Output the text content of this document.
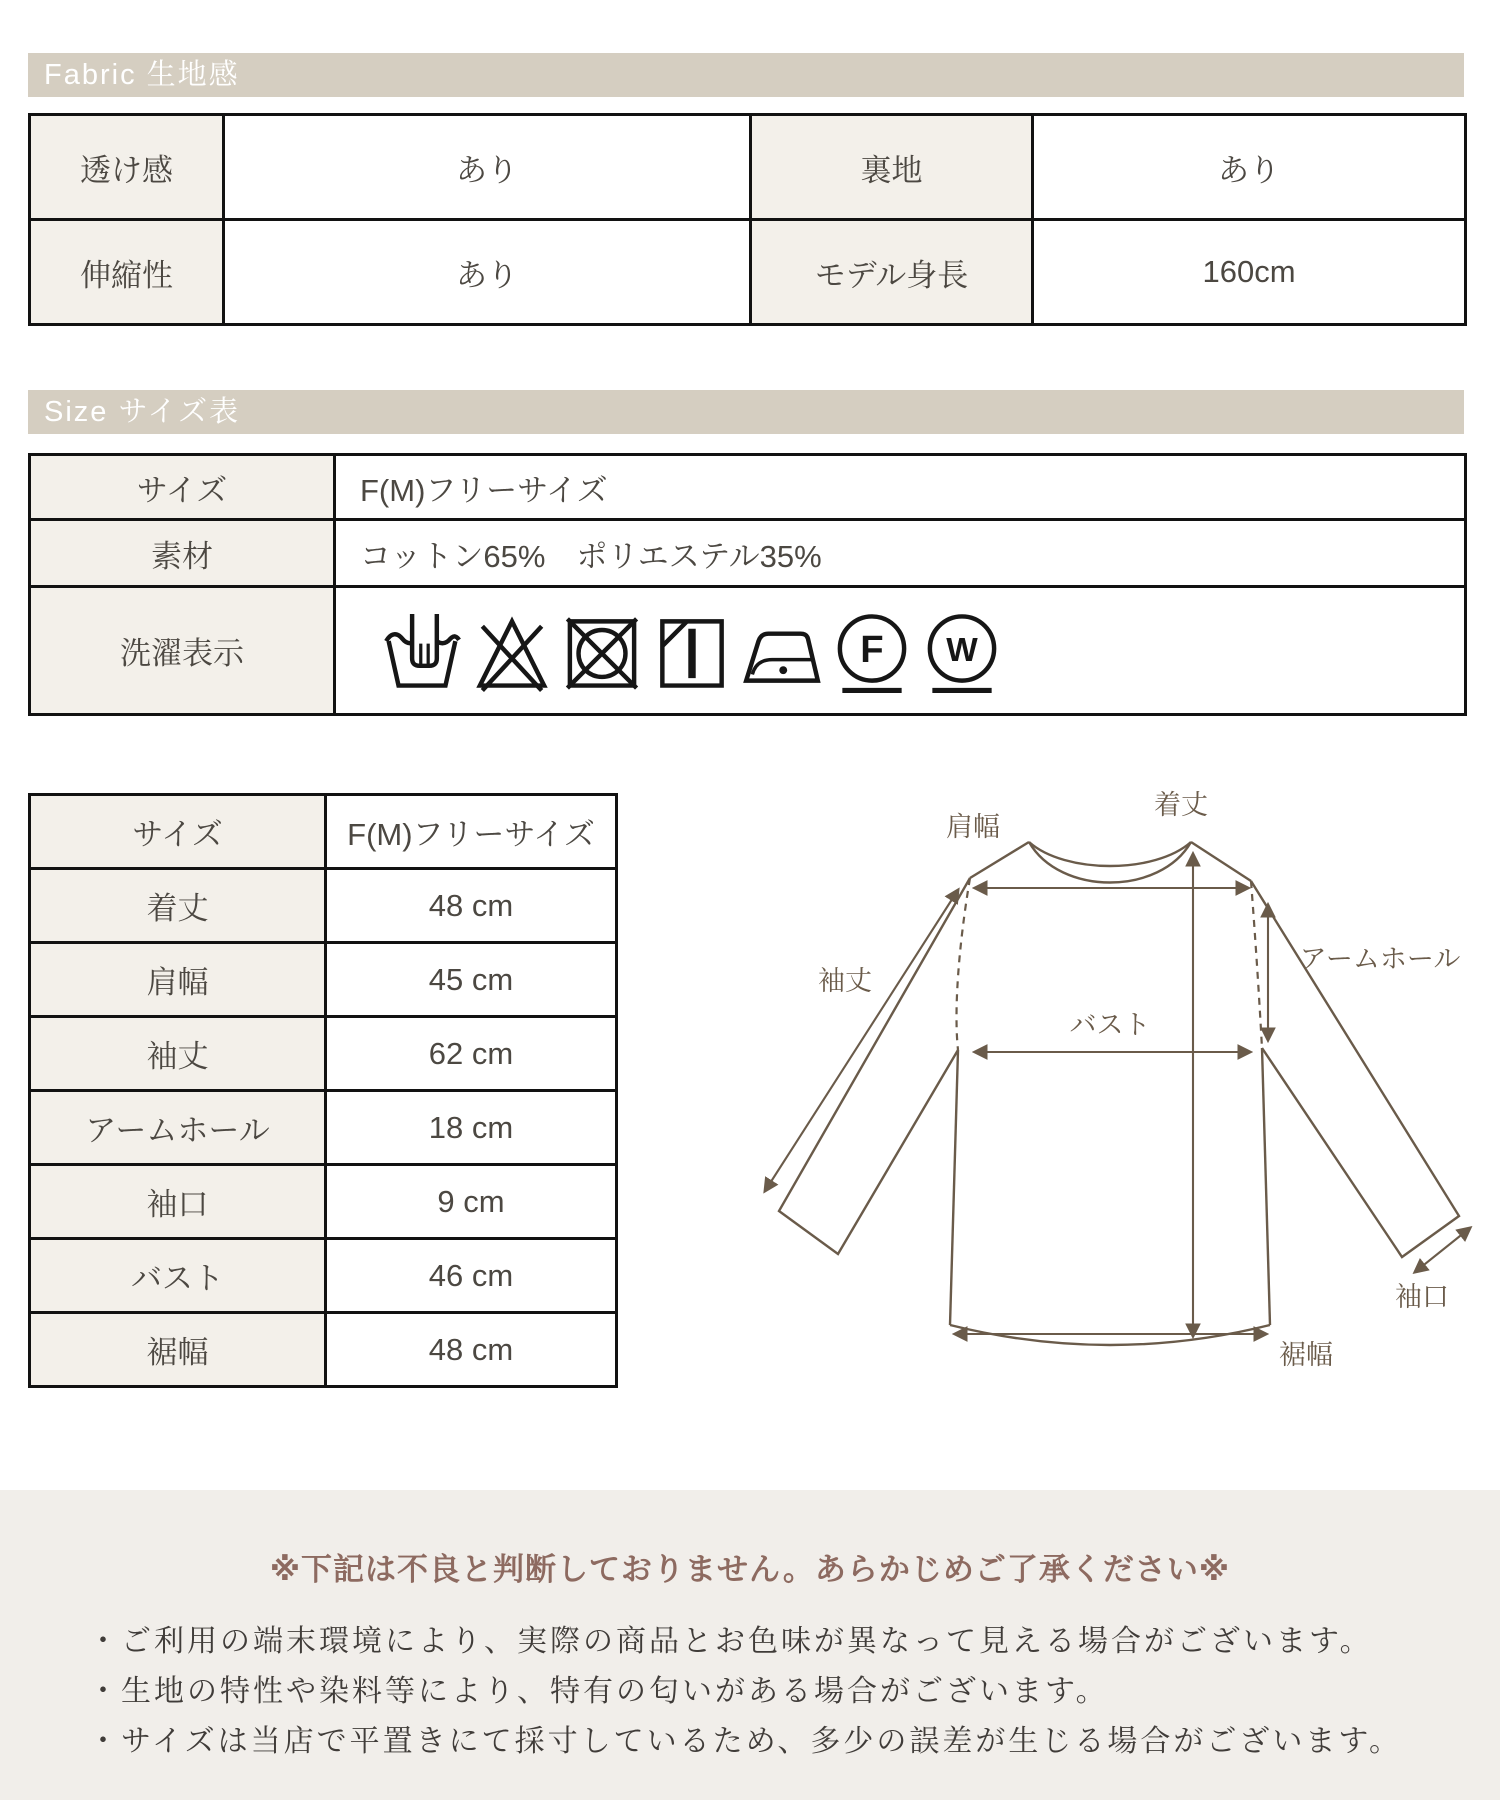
Fabric 生地感
透け感	あり	裏地	あり
伸縮性	あり	モデル身長	160cm
Size サイズ表
サイズ	F(M)フリーサイズ
素材	コットン65%　ポリエステル35%
洗濯表示	F W
サイズ	F(M)フリーサイズ
着丈	48 cm
肩幅	45 cm
袖丈	62 cm
アームホール	18 cm
袖口	9 cm
バスト	46 cm
裾幅	48 cm
肩幅
着丈
袖丈
アームホール
バスト
袖口
裾幅

※下記は不良と判断しておりません。あらかじめご了承ください※

・ご利用の端末環境により、実際の商品とお色味が異なって見える場合がございます。
・生地の特性や染料等により、特有の匂いがある場合がございます。
・サイズは当店で平置きにて採寸しているため、多少の誤差が生じる場合がございます。
